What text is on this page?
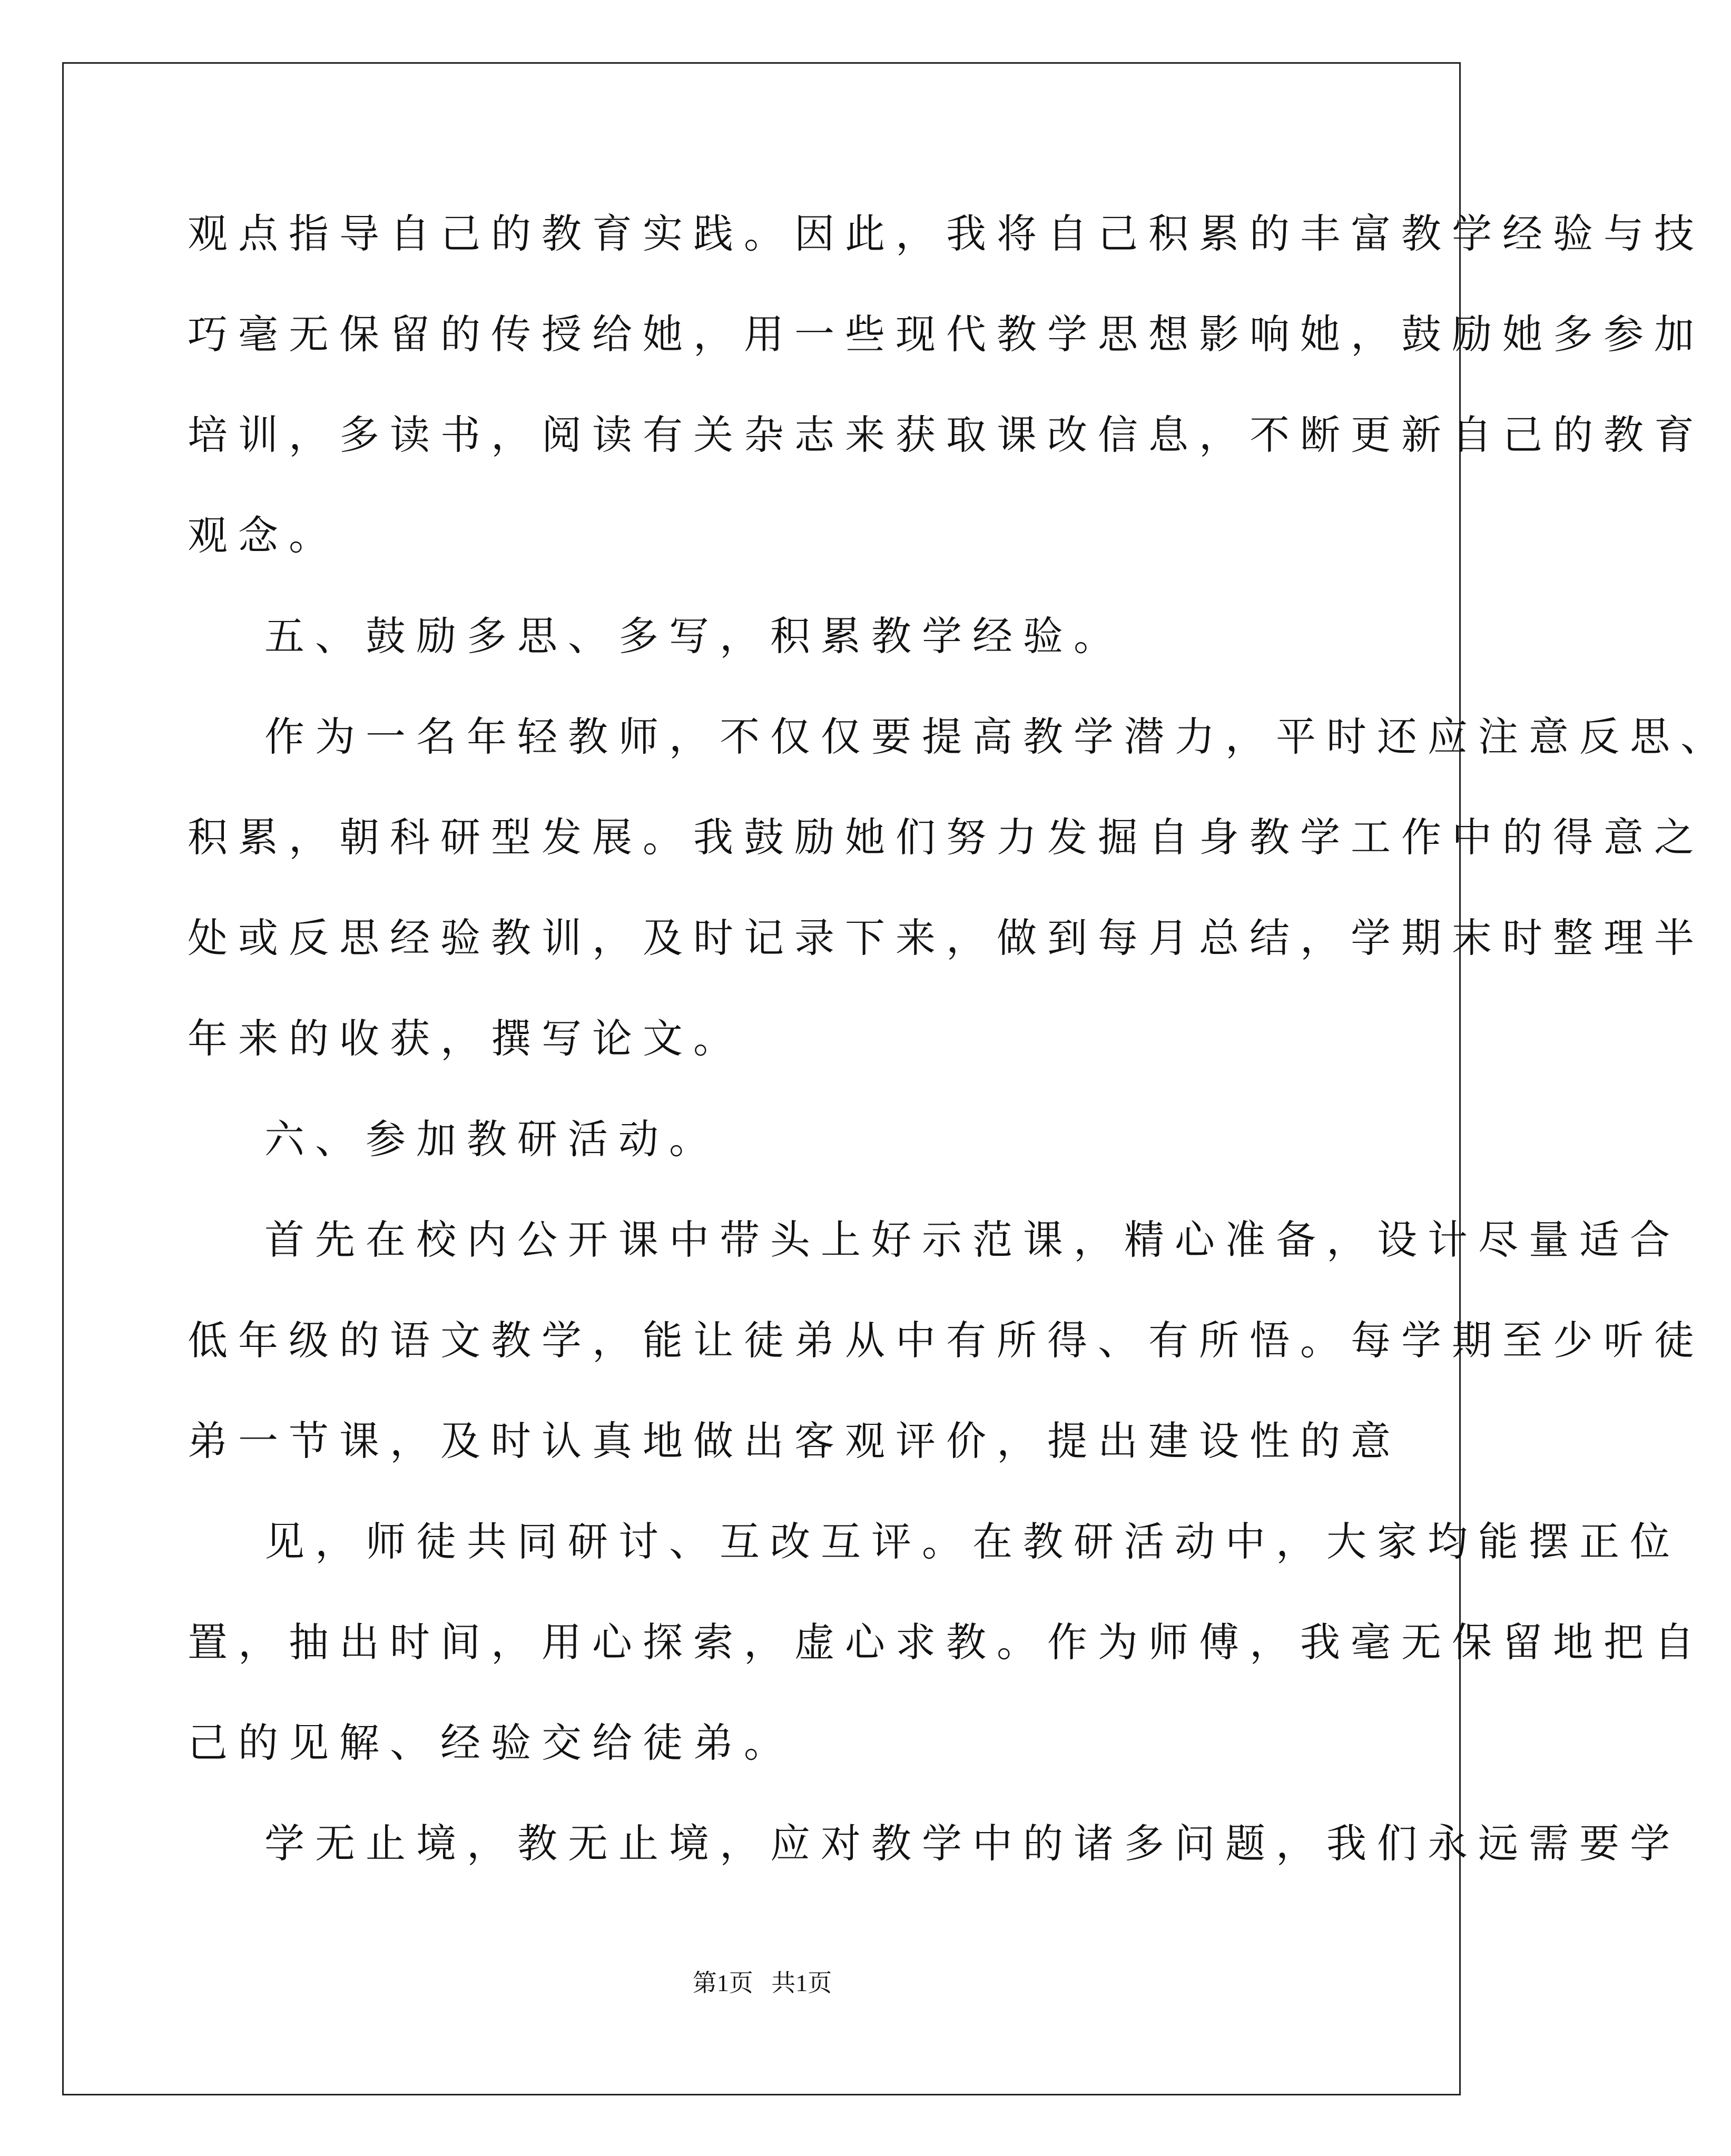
观点指导自己的教育实践。因此，我将自己积累的丰富教学经验与技
巧毫无保留的传授给她，用一些现代教学思想影响她，鼓励她多参加
培训，多读书，阅读有关杂志来获取课改信息，不断更新自己的教育
观念。
五、鼓励多思、多写，积累教学经验。
作为一名年轻教师，不仅仅要提高教学潜力，平时还应注意反思、
积累，朝科研型发展。我鼓励她们努力发掘自身教学工作中的得意之
处或反思经验教训，及时记录下来，做到每月总结，学期末时整理半
年来的收获，撰写论文。
六、参加教研活动。
首先在校内公开课中带头上好示范课，精心准备，设计尽量适合
低年级的语文教学，能让徒弟从中有所得、有所悟。每学期至少听徒
弟一节课，及时认真地做出客观评价，提出建设性的意
见，师徒共同研讨、互改互评。在教研活动中，大家均能摆正位
置，抽出时间，用心探索，虚心求教。作为师傅，我毫无保留地把自
己的见解、经验交给徒弟。
学无止境，教无止境，应对教学中的诸多问题，我们永远需要学
第1页   共1页
